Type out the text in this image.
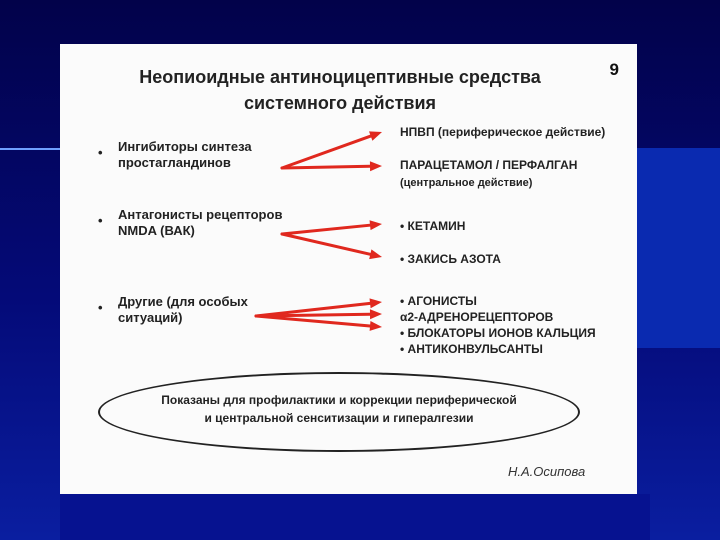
9
Неопиоидные антиноцицептивные средства
системного действия
• Ингибиторы синтеза
простагландинов
НПВП (периферическое действие)
ПАРАЦЕТАМОЛ / ПЕРФАЛГАН
(центральное действие)
• Антагонисты рецепторов
NMDA (ВАК)	• КЕТАМИН
• ЗАКИСЬ АЗОТА
• Другие (для особых
ситуаций)
• АГОНИСТЫ
α2-АДРЕНОРЕЦЕПТОРОВ
• БЛОКАТОРЫ ИОНОВ КАЛЬЦИЯ
• АНТИКОНВУЛЬСАНТЫ
Показаны для профилактики и коррекции периферической
и центральной сенситизации и гипералгезии
Н.А.Осипова
